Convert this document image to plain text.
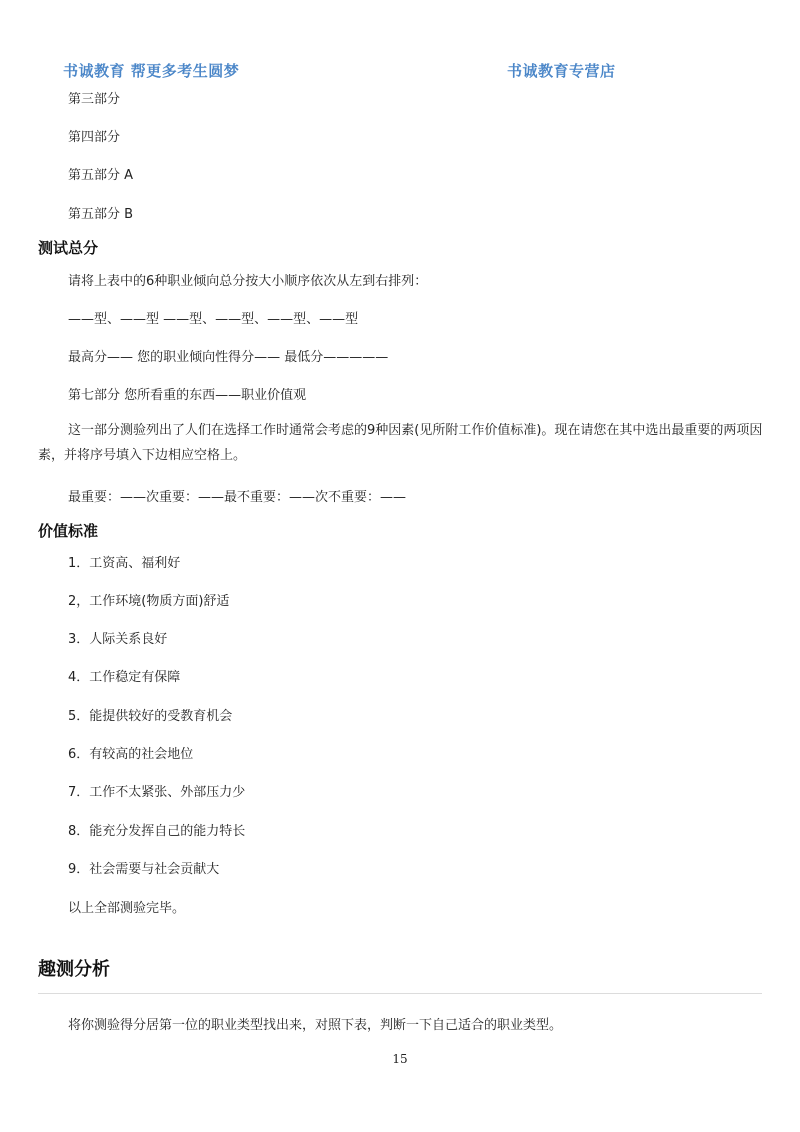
书诚教育 帮更多考生圆梦	书诚教育专营店
第三部分
第四部分
第五部分 A
第五部分 B
测试总分
请将上表中的6种职业倾向总分按大小顺序依次从左到右排列：
——型、——型 ——型、——型、——型、——型
最高分—— 您的职业倾向性得分—— 最低分—————
第七部分 您所看重的东西——职业价值观
这一部分测验列出了人们在选择工作时通常会考虑的9种因素(见所附工作价值标准)。现在请您在其中选出最重要的两项因素，并将序号填入下边相应空格上。
最重要：——次重要：——最不重要：——次不重要：——
价值标准
1．工资高、福利好
2，工作环境(物质方面)舒适
3．人际关系良好
4．工作稳定有保障
5．能提供较好的受教育机会
6．有较高的社会地位
7．工作不太紧张、外部压力少
8．能充分发挥自己的能力特长
9．社会需要与社会贡献大
以上全部测验完毕。
趣测分析
将你测验得分居第一位的职业类型找出来，对照下表，判断一下自己适合的职业类型。
15
